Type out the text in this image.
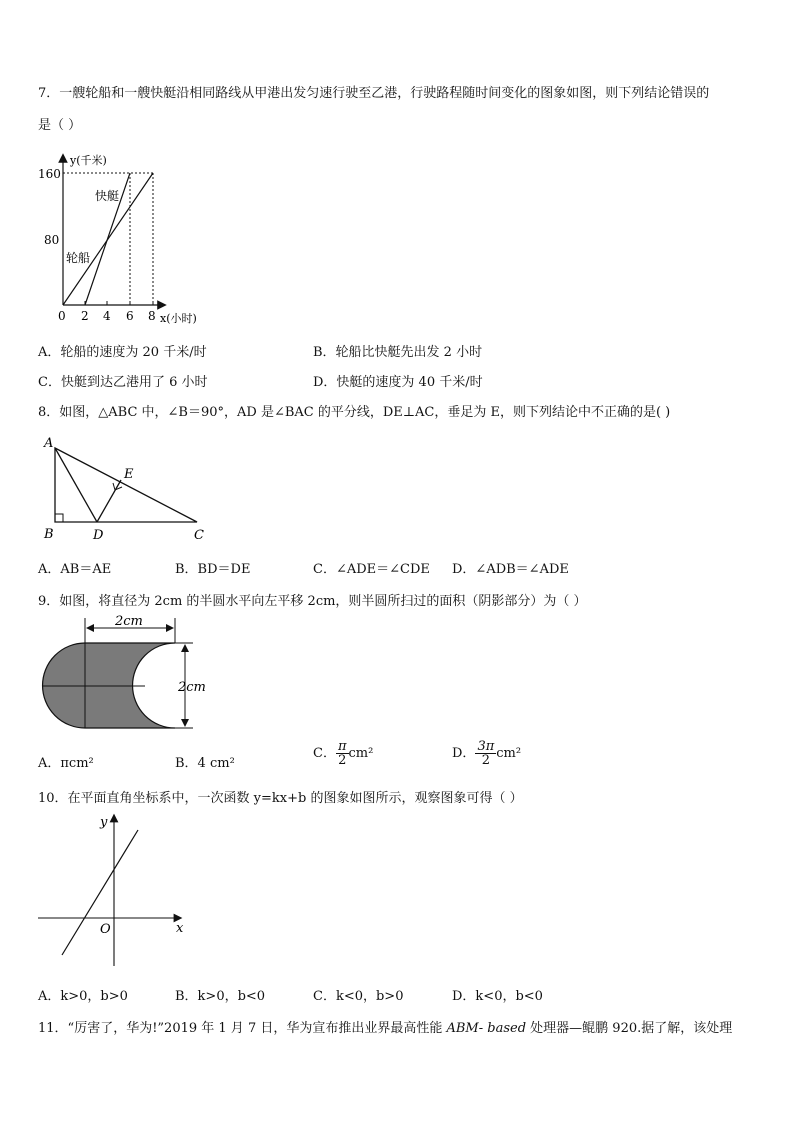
7．一艘轮船和一艘快艇沿相同路线从甲港出发匀速行驶至乙港，行驶路程随时间变化的图象如图，则下列结论错误的
是（ ）
y(千米)
160
80
0 2 4 6 8 x(小时)
快艇
轮船
A．轮船的速度为 20 千米/时	B．轮船比快艇先出发 2 小时
C．快艇到达乙港用了 6 小时	D．快艇的速度为 40 千米/时
8．如图，△ABC 中，∠B＝90°，AD 是∠BAC 的平分线，DE⊥AC，垂足为 E，则下列结论中不正确的是( )
A
B	D	C
E
A．AB＝AE	B．BD＝DE	C．∠ADE＝∠CDE D．∠ADB＝∠ADE
9．如图，将直径为 2cm 的半圆水平向左平移 2cm，则半圆所扫过的面积（阴影部分）为（ ）
2cm
2cm
A．πcm²	B．4 cm²
C． $\frac{\pi}{2} cm^2$	D． $\frac{3\pi}{2} cm^2$
10．在平面直角坐标系中，一次函数 y=kx+b 的图象如图所示，观察图象可得（ ）
y
x
O
A．k>0，b>0	B．k>0，b<0	C．k<0，b>0	D．k<0，b<0
11．“厉害了，华为!”2019 年 1 月 7 日，华为宣布推出业界最高性能 ABM- based 处理器—鲲鹏 920.据了解，该处理
